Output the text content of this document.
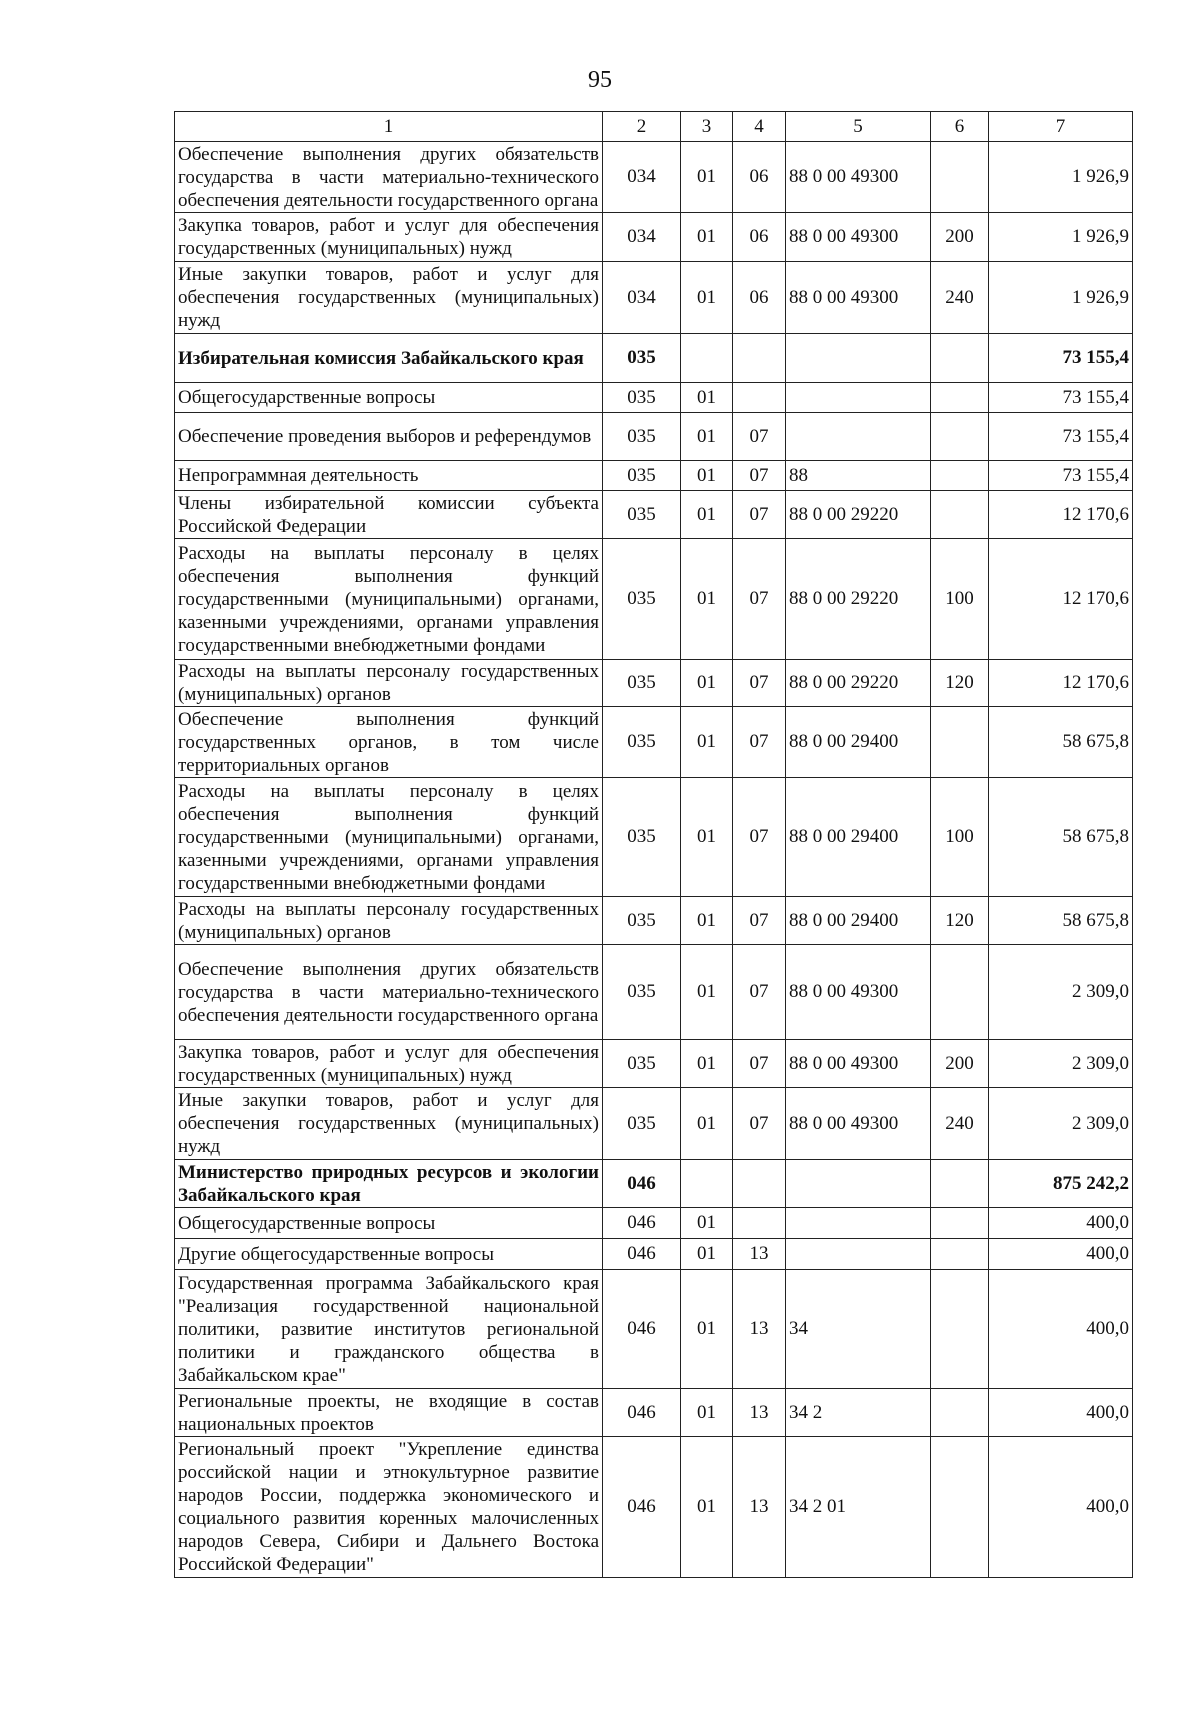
95
1	2	3	4	5	6	7
Обеспечение выполнения других обязательств государства в части материально-технического обеспечения деятельности государственного органа	034	01	06	88 0 00 49300		1 926,9
Закупка товаров, работ и услуг для обеспечения государственных (муниципальных) нужд	034	01	06	88 0 00 49300	200	1 926,9
Иные закупки товаров, работ и услуг для обеспечения государственных (муниципальных) нужд	034	01	06	88 0 00 49300	240	1 926,9
Избирательная комиссия Забайкальского края	035					73 155,4
Общегосударственные вопросы	035	01				73 155,4
Обеспечение проведения выборов и референдумов	035	01	07			73 155,4
Непрограммная деятельность	035	01	07	88		73 155,4
Члены избирательной комиссии субъекта Российской Федерации	035	01	07	88 0 00 29220		12 170,6
Расходы на выплаты персоналу в целях обеспечения выполнения функций государственными (муниципальными) органами, казенными учреждениями, органами управления государственными внебюджетными фондами	035	01	07	88 0 00 29220	100	12 170,6
Расходы на выплаты персоналу государственных (муниципальных) органов	035	01	07	88 0 00 29220	120	12 170,6
Обеспечение выполнения функций государственных органов, в том числе территориальных органов	035	01	07	88 0 00 29400		58 675,8
Расходы на выплаты персоналу в целях обеспечения выполнения функций государственными (муниципальными) органами, казенными учреждениями, органами управления государственными внебюджетными фондами	035	01	07	88 0 00 29400	100	58 675,8
Расходы на выплаты персоналу государственных (муниципальных) органов	035	01	07	88 0 00 29400	120	58 675,8
Обеспечение выполнения других обязательств государства в части материально-технического обеспечения деятельности государственного органа	035	01	07	88 0 00 49300		2 309,0
Закупка товаров, работ и услуг для обеспечения государственных (муниципальных) нужд	035	01	07	88 0 00 49300	200	2 309,0
Иные закупки товаров, работ и услуг для обеспечения государственных (муниципальных) нужд	035	01	07	88 0 00 49300	240	2 309,0
Министерство природных ресурсов и экологии Забайкальского края	046					875 242,2
Общегосударственные вопросы	046	01				400,0
Другие общегосударственные вопросы	046	01	13			400,0
Государственная программа Забайкальского края "Реализация государственной национальной политики, развитие институтов региональной политики и гражданского общества в Забайкальском крае"	046	01	13	34		400,0
Региональные проекты, не входящие в состав национальных проектов	046	01	13	34 2		400,0
Региональный проект "Укрепление единства российской нации и этнокультурное развитие народов России, поддержка экономического и социального развития коренных малочисленных народов Севера, Сибири и Дальнего Востока Российской Федерации"	046	01	13	34 2 01		400,0
